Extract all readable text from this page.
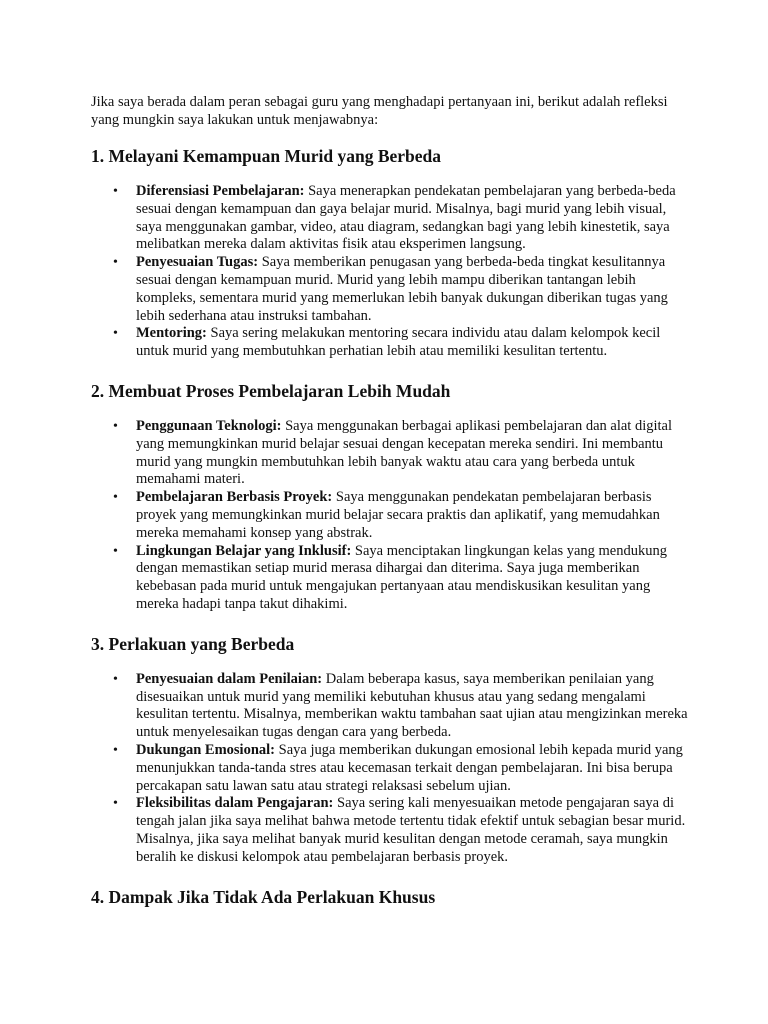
Jika saya berada dalam peran sebagai guru yang menghadapi pertanyaan ini, berikut adalah refleksi yang mungkin saya lakukan untuk menjawabnya:

1. Melayani Kemampuan Murid yang Berbeda
• Diferensiasi Pembelajaran: Saya menerapkan pendekatan pembelajaran yang berbeda-beda sesuai dengan kemampuan dan gaya belajar murid. Misalnya, bagi murid yang lebih visual, saya menggunakan gambar, video, atau diagram, sedangkan bagi yang lebih kinestetik, saya melibatkan mereka dalam aktivitas fisik atau eksperimen langsung.
• Penyesuaian Tugas: Saya memberikan penugasan yang berbeda-beda tingkat kesulitannya sesuai dengan kemampuan murid. Murid yang lebih mampu diberikan tantangan lebih kompleks, sementara murid yang memerlukan lebih banyak dukungan diberikan tugas yang lebih sederhana atau instruksi tambahan.
• Mentoring: Saya sering melakukan mentoring secara individu atau dalam kelompok kecil untuk murid yang membutuhkan perhatian lebih atau memiliki kesulitan tertentu.
2. Membuat Proses Pembelajaran Lebih Mudah
• Penggunaan Teknologi: Saya menggunakan berbagai aplikasi pembelajaran dan alat digital yang memungkinkan murid belajar sesuai dengan kecepatan mereka sendiri. Ini membantu murid yang mungkin membutuhkan lebih banyak waktu atau cara yang berbeda untuk memahami materi.
• Pembelajaran Berbasis Proyek: Saya menggunakan pendekatan pembelajaran berbasis proyek yang memungkinkan murid belajar secara praktis dan aplikatif, yang memudahkan mereka memahami konsep yang abstrak.
• Lingkungan Belajar yang Inklusif: Saya menciptakan lingkungan kelas yang mendukung dengan memastikan setiap murid merasa dihargai dan diterima. Saya juga memberikan kebebasan pada murid untuk mengajukan pertanyaan atau mendiskusikan kesulitan yang mereka hadapi tanpa takut dihakimi.
3. Perlakuan yang Berbeda
• Penyesuaian dalam Penilaian: Dalam beberapa kasus, saya memberikan penilaian yang disesuaikan untuk murid yang memiliki kebutuhan khusus atau yang sedang mengalami kesulitan tertentu. Misalnya, memberikan waktu tambahan saat ujian atau mengizinkan mereka untuk menyelesaikan tugas dengan cara yang berbeda.
• Dukungan Emosional: Saya juga memberikan dukungan emosional lebih kepada murid yang menunjukkan tanda-tanda stres atau kecemasan terkait dengan pembelajaran. Ini bisa berupa percakapan satu lawan satu atau strategi relaksasi sebelum ujian.
• Fleksibilitas dalam Pengajaran: Saya sering kali menyesuaikan metode pengajaran saya di tengah jalan jika saya melihat bahwa metode tertentu tidak efektif untuk sebagian besar murid. Misalnya, jika saya melihat banyak murid kesulitan dengan metode ceramah, saya mungkin beralih ke diskusi kelompok atau pembelajaran berbasis proyek.
4. Dampak Jika Tidak Ada Perlakuan Khusus
